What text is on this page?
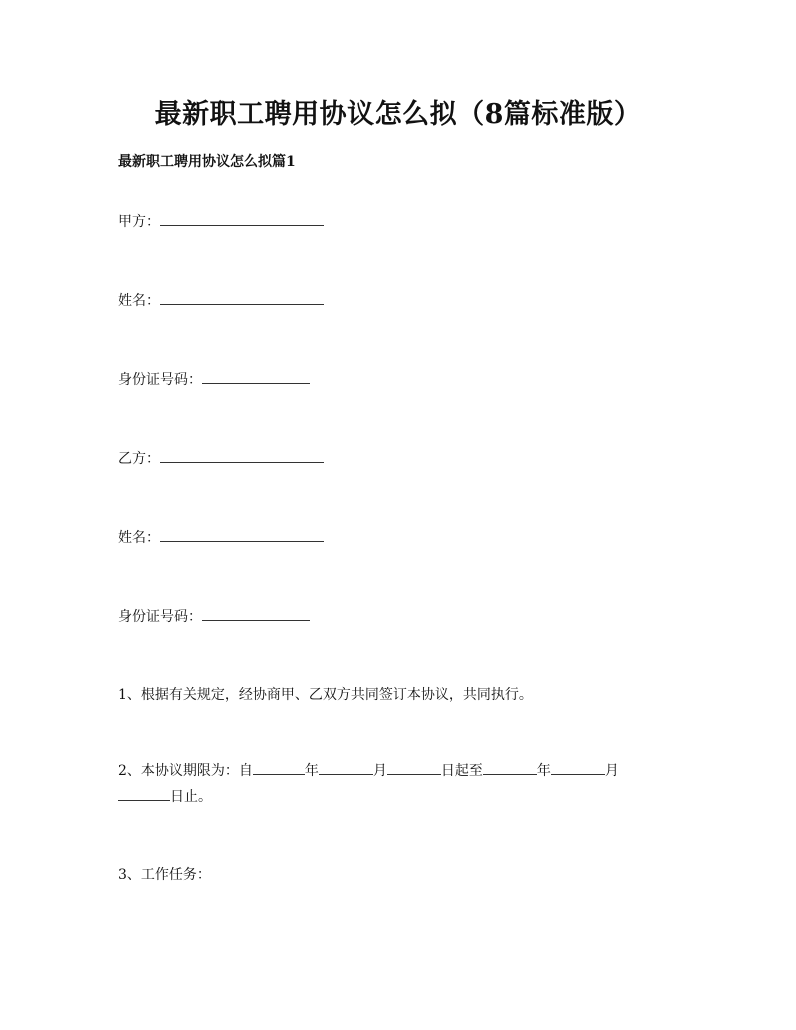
最新职工聘用协议怎么拟（8篇标准版）
最新职工聘用协议怎么拟篇1
甲方：
姓名：
身份证号码：
乙方：
姓名：
身份证号码：
1、根据有关规定，经协商甲、乙双方共同签订本协议，共同执行。
2、本协议期限为：自	年	月	日起至	年	月
日止。
3、工作任务：
